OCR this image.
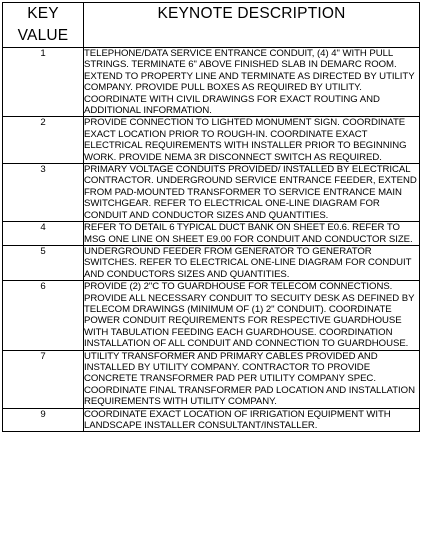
KEY VALUE	KEYNOTE DESCRIPTION
1	TELEPHONE/DATA SERVICE ENTRANCE CONDUIT, (4) 4" WITH PULL STRINGS. TERMINATE 6" ABOVE FINISHED SLAB IN DEMARC ROOM. EXTEND TO PROPERTY LINE AND TERMINATE AS DIRECTED BY UTILITY COMPANY. PROVIDE PULL BOXES AS REQUIRED BY UTILITY. COORDINATE WITH CIVIL DRAWINGS FOR EXACT ROUTING AND ADDITIONAL INFORMATION.
2	PROVIDE CONNECTION TO LIGHTED MONUMENT SIGN. COORDINATE EXACT LOCATION PRIOR TO ROUGH-IN. COORDINATE EXACT ELECTRICAL REQUIREMENTS WITH INSTALLER PRIOR TO BEGINNING WORK. PROVIDE NEMA 3R DISCONNECT SWITCH AS REQUIRED.
3	PRIMARY VOLTAGE CONDUITS PROVIDED/ INSTALLED BY ELECTRICAL CONTRACTOR. UNDERGROUND SERVICE ENTRANCE FEEDER, EXTEND FROM PAD-MOUNTED TRANSFORMER TO SERVICE ENTRANCE MAIN SWITCHGEAR. REFER TO ELECTRICAL ONE-LINE DIAGRAM FOR CONDUIT AND CONDUCTOR SIZES AND QUANTITIES.
4	REFER TO DETAIL 6 TYPICAL DUCT BANK ON SHEET E0.6. REFER TO MSG ONE LINE ON SHEET E9.00 FOR CONDUIT AND CONDUCTOR SIZE.
5	UNDERGROUND FEEDER FROM GENERATOR TO GENERATOR SWITCHES. REFER TO ELECTRICAL ONE-LINE DIAGRAM FOR CONDUIT AND CONDUCTORS SIZES AND QUANTITIES.
6	PROVIDE (2) 2"C TO GUARDHOUSE FOR TELECOM CONNECTIONS. PROVIDE ALL NECESSARY CONDUIT TO SECUITY DESK AS DEFINED BY TELECOM DRAWINGS (MINIMUM OF (1) 2" CONDUIT). COORDINATE POWER CONDUIT REQUIREMENTS FOR RESPECTIVE GUARDHOUSE WITH TABULATION FEEDING EACH GUARDHOUSE. COORDINATION INSTALLATION OF ALL CONDUIT AND CONNECTION TO GUARDHOUSE.
7	UTILITY TRANSFORMER AND PRIMARY CABLES PROVIDED AND INSTALLED BY UTILITY COMPANY. CONTRACTOR TO PROVIDE CONCRETE TRANSFORMER PAD PER UTILITY COMPANY SPEC. COORDINATE FINAL TRANSFORMER PAD LOCATION AND INSTALLATION REQUIREMENTS WITH UTILITY COMPANY.
9	COORDINATE EXACT LOCATION OF IRRIGATION EQUIPMENT WITH LANDSCAPE INSTALLER CONSULTANT/INSTALLER.
